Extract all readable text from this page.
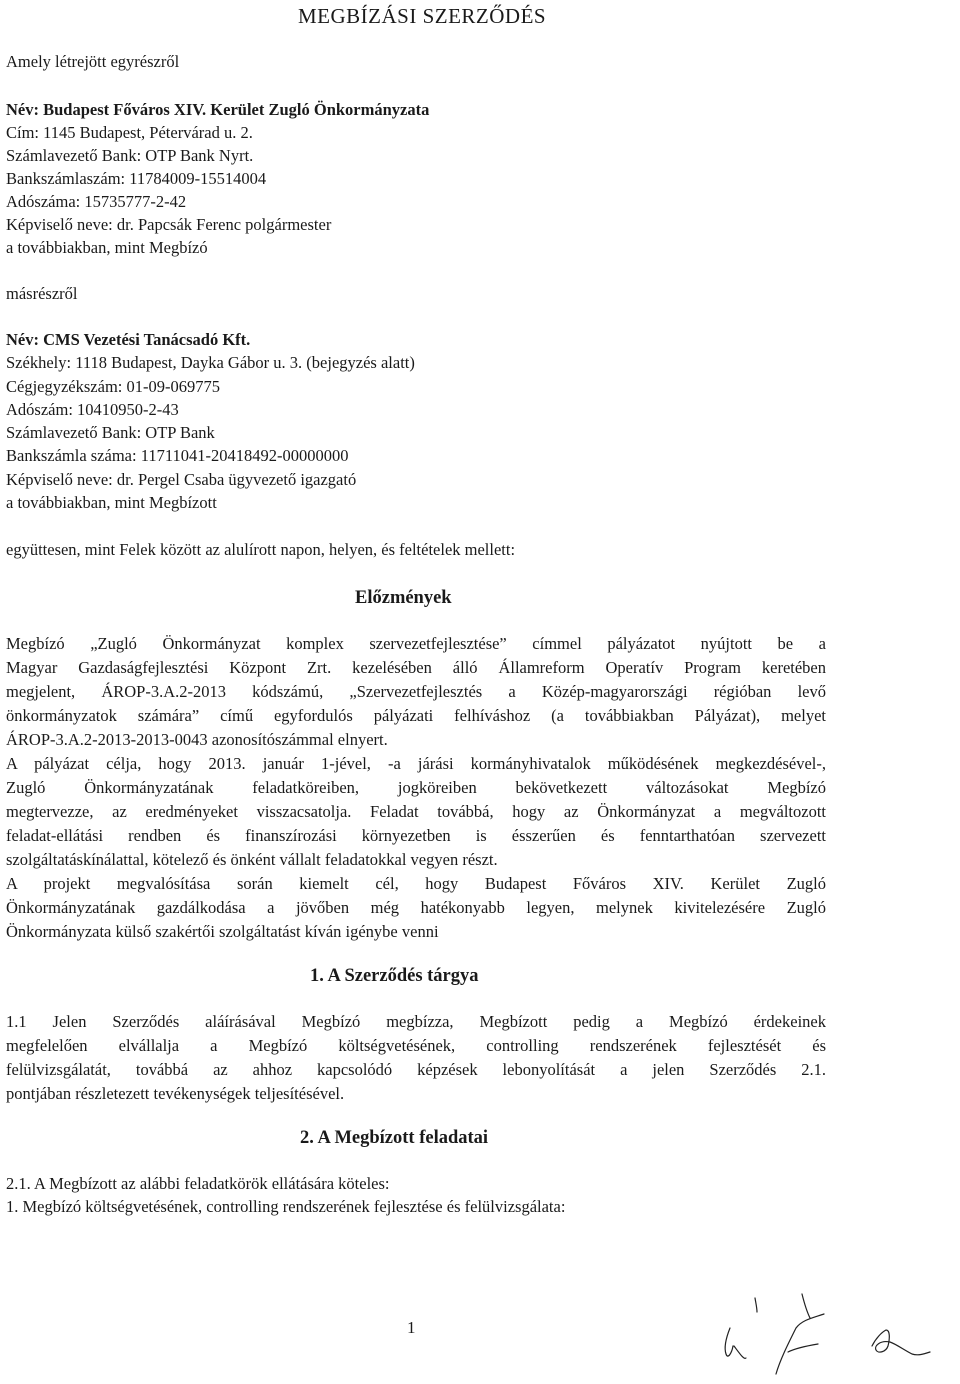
MEGBÍZÁSI SZERZŐDÉS
Amely létrejött egyrészről
Név: Budapest Főváros XIV. Kerület Zugló Önkormányzata
Cím: 1145 Budapest, Pétervárad u. 2.
Számlavezető Bank: OTP Bank Nyrt.
Bankszámlaszám: 11784009-15514004
Adószáma: 15735777-2-42
Képviselő neve: dr. Papcsák Ferenc polgármester
a továbbiakban, mint Megbízó
másrészről
Név: CMS Vezetési Tanácsadó Kft.
Székhely: 1118 Budapest, Dayka Gábor u. 3. (bejegyzés alatt)
Cégjegyzékszám: 01-09-069775
Adószám: 10410950-2-43
Számlavezető Bank: OTP Bank
Bankszámla száma: 11711041-20418492-00000000
Képviselő neve: dr. Pergel Csaba ügyvezető igazgató
a továbbiakban, mint Megbízott
együttesen, mint Felek között az alulírott napon, helyen, és feltételek mellett:
Előzmények
Megbízó „Zugló Önkormányzat komplex szervezetfejlesztése” címmel pályázatot nyújtott be a
Magyar Gazdaságfejlesztési Központ Zrt. kezelésében álló Államreform Operatív Program keretében
megjelent, ÁROP-3.A.2-2013 kódszámú, „Szervezetfejlesztés a Közép-magyarországi régióban levő
önkormányzatok számára” című egyfordulós pályázati felhíváshoz (a továbbiakban Pályázat), melyet
ÁROP-3.A.2-2013-2013-0043 azonosítószámmal elnyert.
A pályázat célja, hogy 2013. január 1-jével, -a járási kormányhivatalok működésének megkezdésével-,
Zugló Önkormányzatának feladatköreiben, jogköreiben bekövetkezett változásokat Megbízó
megtervezze, az eredményeket visszacsatolja. Feladat továbbá, hogy az Önkormányzat a megváltozott
feladat-ellátási rendben és finanszírozási környezetben is ésszerűen és fenntarthatóan szervezett
szolgáltatáskínálattal, kötelező és önként vállalt feladatokkal vegyen részt.
A projekt megvalósítása során kiemelt cél, hogy Budapest Főváros XIV. Kerület Zugló
Önkormányzatának gazdálkodása a jövőben még hatékonyabb legyen, melynek kivitelezésére Zugló
Önkormányzata külső szakértői szolgáltatást kíván igénybe venni
1. A Szerződés tárgya
1.1 Jelen Szerződés aláírásával Megbízó megbízza, Megbízott pedig a Megbízó érdekeinek
megfelelően elvállalja a Megbízó költségvetésének, controlling rendszerének fejlesztését és
felülvizsgálatát, továbbá az ahhoz kapcsolódó képzések lebonyolítását a jelen Szerződés 2.1.
pontjában részletezett tevékenységek teljesítésével.
2. A Megbízott feladatai
2.1. A Megbízott az alábbi feladatkörök ellátására köteles:
1. Megbízó költségvetésének, controlling rendszerének fejlesztése és felülvizsgálata:
1
